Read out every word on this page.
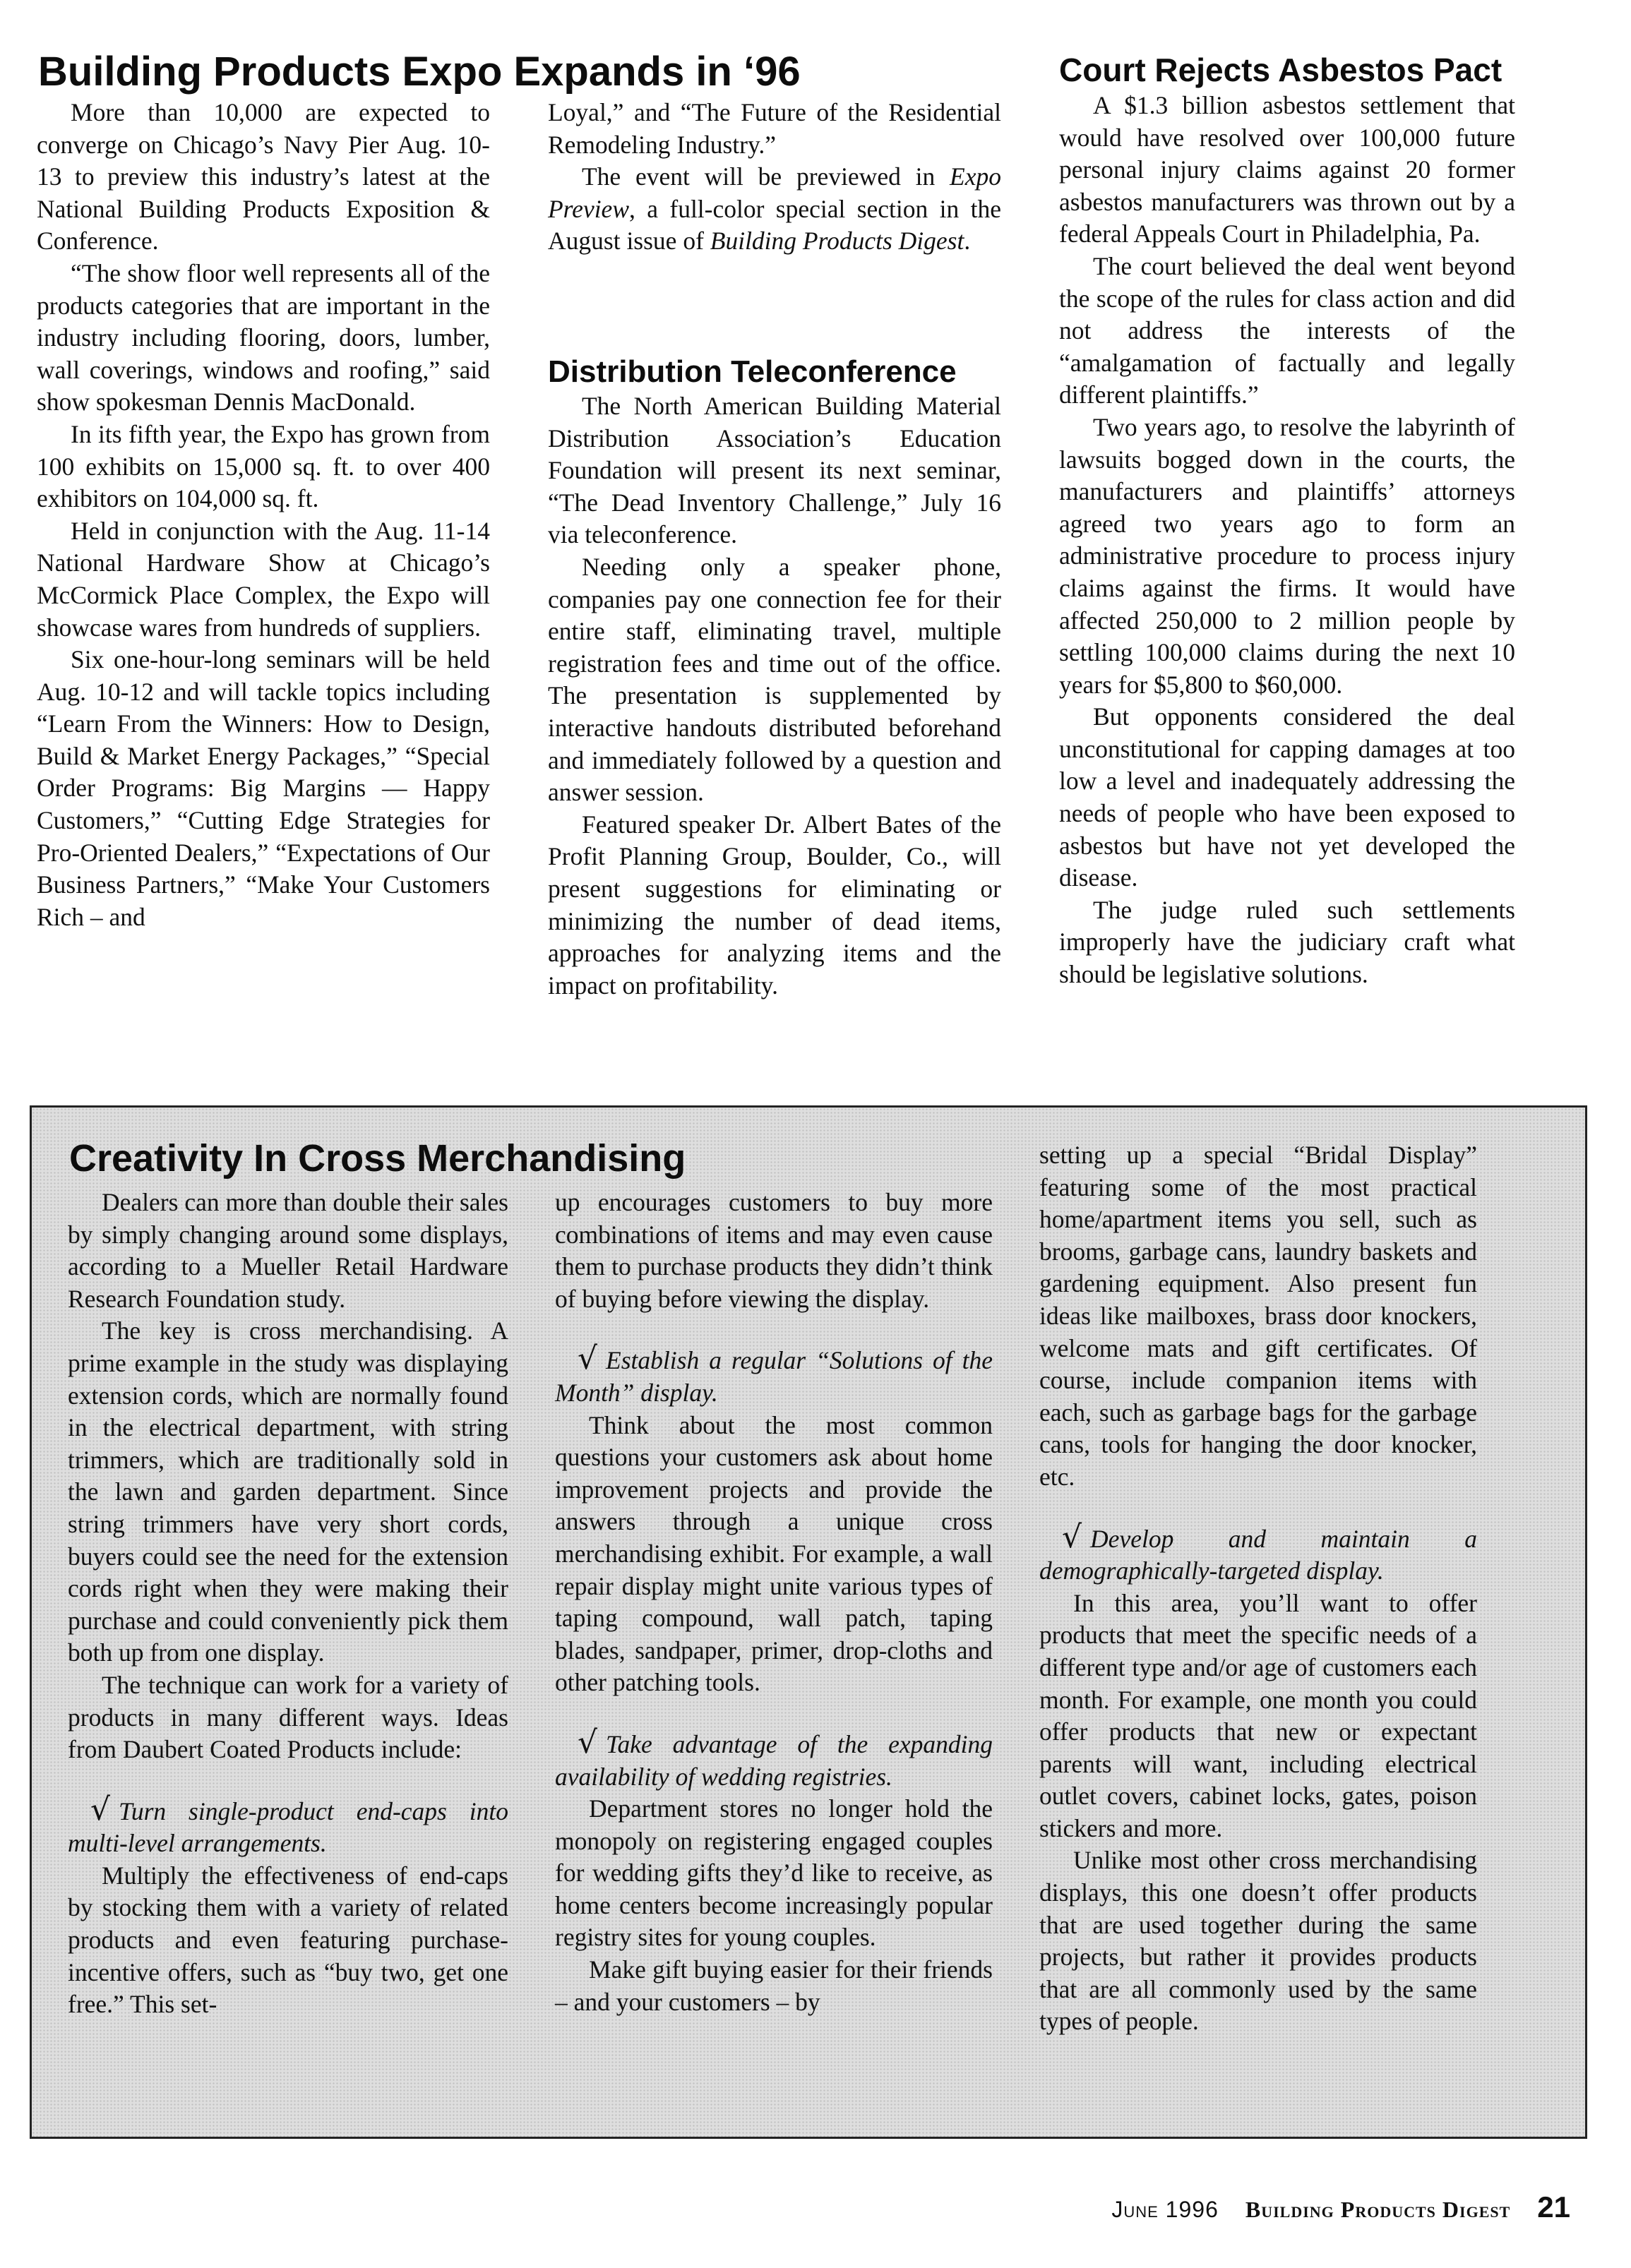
Building Products Expo Expands in ‘96

More than 10,000 are expected to converge on Chicago’s Navy Pier Aug. 10-13 to preview this industry’s latest at the National Building Products Exposition & Conference.

“The show floor well represents all of the products categories that are important in the industry including flooring, doors, lumber, wall coverings, windows and roofing,” said show spokesman Dennis MacDonald.

In its fifth year, the Expo has grown from 100 exhibits on 15,000 sq. ft. to over 400 exhibitors on 104,000 sq. ft.

Held in conjunction with the Aug. 11-14 National Hardware Show at Chicago’s McCormick Place Complex, the Expo will showcase wares from hundreds of suppliers.

Six one-hour-long seminars will be held Aug. 10-12 and will tackle topics including “Learn From the Winners: How to Design, Build & Market Energy Packages,” “Special Order Programs: Big Margins — Happy Customers,” “Cutting Edge Strategies for Pro-Oriented Dealers,” “Expectations of Our Business Partners,” “Make Your Customers Rich – and

Loyal,” and “The Future of the Residential Remodeling Industry.”

The event will be previewed in Expo Preview, a full-color special section in the August issue of Building Products Digest.

Distribution Teleconference

The North American Building Material Distribution Association’s Education Foundation will present its next seminar, “The Dead Inventory Challenge,” July 16 via teleconference.

Needing only a speaker phone, companies pay one connection fee for their entire staff, eliminating travel, multiple registration fees and time out of the office. The presentation is supplemented by interactive handouts distributed beforehand and immediately followed by a question and answer session.

Featured speaker Dr. Albert Bates of the Profit Planning Group, Boulder, Co., will present suggestions for eliminating or minimizing the number of dead items, approaches for analyzing items and the impact on profitability.

Court Rejects Asbestos Pact

A $1.3 billion asbestos settlement that would have resolved over 100,000 future personal injury claims against 20 former asbestos manufacturers was thrown out by a federal Appeals Court in Philadelphia, Pa.

The court believed the deal went beyond the scope of the rules for class action and did not address the interests of the “amalgamation of factually and legally different plaintiffs.”

Two years ago, to resolve the labyrinth of lawsuits bogged down in the courts, the manufacturers and plaintiffs’ attorneys agreed two years ago to form an administrative procedure to process injury claims against the firms. It would have affected 250,000 to 2 million people by settling 100,000 claims during the next 10 years for $5,800 to $60,000.

But opponents considered the deal unconstitutional for capping damages at too low a level and inadequately addressing the needs of people who have been exposed to asbestos but have not yet developed the disease.

The judge ruled such settlements improperly have the judiciary craft what should be legislative solutions.

Creativity In Cross Merchandising

Dealers can more than double their sales by simply changing around some displays, according to a Mueller Retail Hardware Research Foundation study.

The key is cross merchandising. A prime example in the study was displaying extension cords, which are normally found in the electrical department, with string trimmers, which are traditionally sold in the lawn and garden department. Since string trimmers have very short cords, buyers could see the need for the extension cords right when they were making their purchase and could conveniently pick them both up from one display.

The technique can work for a variety of products in many different ways. Ideas from Daubert Coated Products include:

√ Turn single-product end-caps into multi-level arrangements.

Multiply the effectiveness of end-caps by stocking them with a variety of related products and even featuring purchase-incentive offers, such as “buy two, get one free.” This set-

up encourages customers to buy more combinations of items and may even cause them to purchase products they didn’t think of buying before viewing the display.

√ Establish a regular “Solutions of the Month” display.

Think about the most common questions your customers ask about home improvement projects and provide the answers through a unique cross merchandising exhibit. For example, a wall repair display might unite various types of taping compound, wall patch, taping blades, sandpaper, primer, drop-cloths and other patching tools.

√ Take advantage of the expanding availability of wedding registries.

Department stores no longer hold the monopoly on registering engaged couples for wedding gifts they’d like to receive, as home centers become increasingly popular registry sites for young couples.

Make gift buying easier for their friends – and your customers – by

setting up a special “Bridal Display” featuring some of the most practical home/apartment items you sell, such as brooms, garbage cans, laundry baskets and gardening equipment. Also present fun ideas like mailboxes, brass door knockers, welcome mats and gift certificates. Of course, include companion items with each, such as garbage bags for the garbage cans, tools for hanging the door knocker, etc.

√ Develop and maintain a demographically-targeted display.

In this area, you’ll want to offer products that meet the specific needs of a different type and/or age of customers each month. For example, one month you could offer products that new or expectant parents will want, including electrical outlet covers, cabinet locks, gates, poison stickers and more.

Unlike most other cross merchandising displays, this one doesn’t offer products that are used together during the same projects, but rather it provides products that are all commonly used by the same types of people.

June 1996 Building Products Digest 21
